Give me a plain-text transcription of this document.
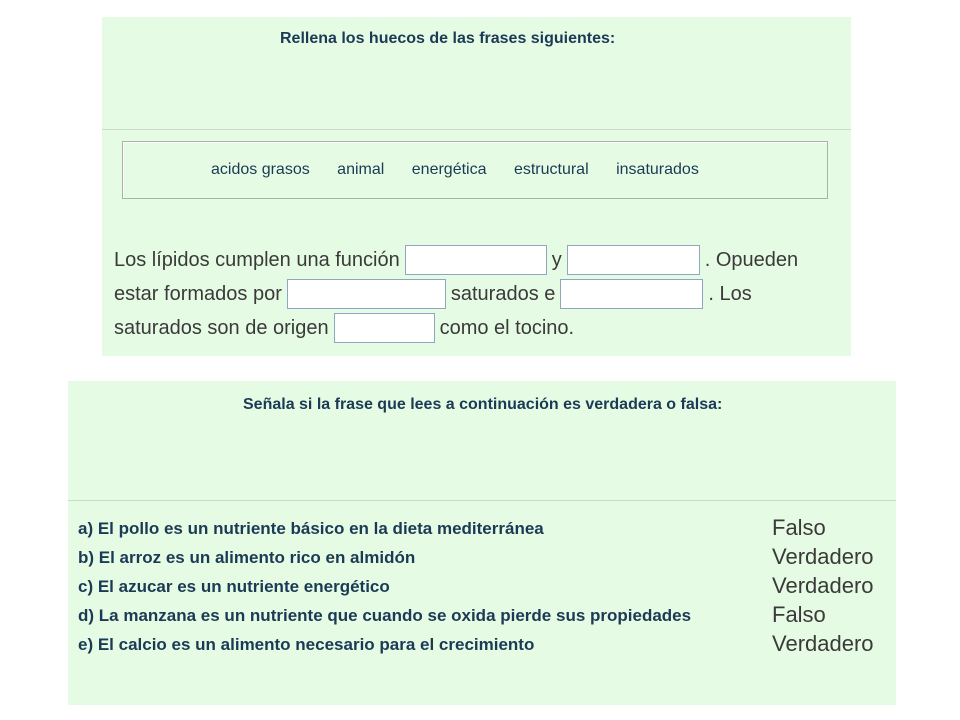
Rellena los huecos de las frases siguientes:
acidos grasos animal energética estructural insaturados
Los lípidos cumplen una función	y	. Opueden
estar formados por	saturados e	. Los
saturados son de origen	como el tocino.
Señala si la frase que lees a continuación es verdadera o falsa:
a) El pollo es un nutriente básico en la dieta mediterránea	Falso
b) El arroz es un alimento rico en almidón	Verdadero
c) El azucar es un nutriente energético	Verdadero
d) La manzana es un nutriente que cuando se oxida pierde sus propiedades	Falso
e) El calcio es un alimento necesario para el crecimiento	Verdadero
